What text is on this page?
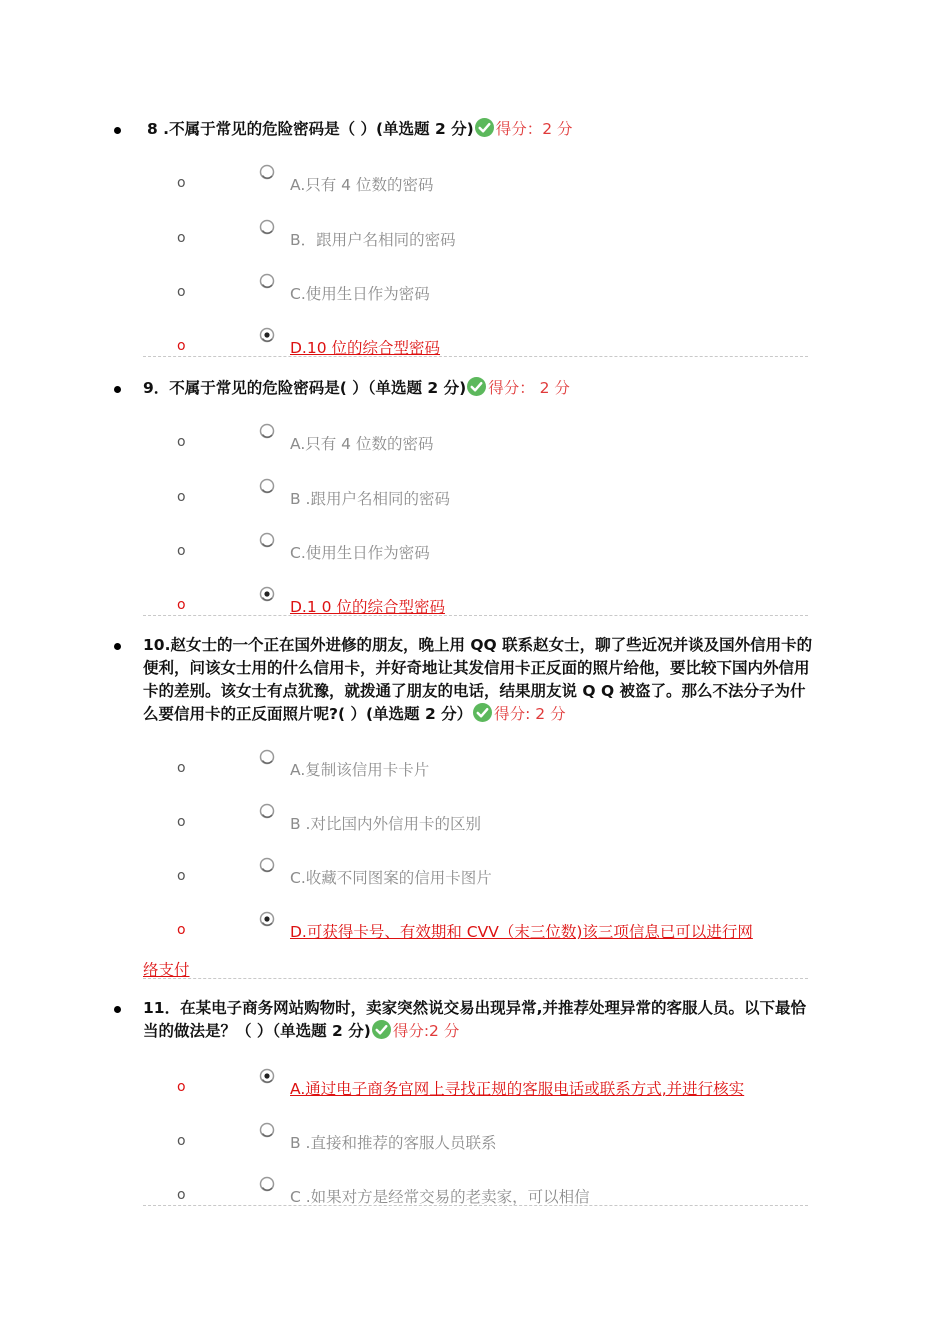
8 .不属于常见的危险密码是（ ）(单选题 2 分) 得分：2 分

o	A.只有 4 位数的密码
o	B．跟用户名相同的密码
o	C.使用生日作为密码
o	D.10 位的综合型密码

9．不属于常见的危险密码是( ）（单选题 2 分) 得分： 2 分

o	A.只有 4 位数的密码
o	B .跟用户名相同的密码
o	C.使用生日作为密码
o	D.1 0 位的综合型密码

10.赵女士的一个正在国外进修的朋友，晚上用 QQ 联系赵女士，聊了些近况并谈及国外信用卡的便利，问该女士用的什么信用卡，并好奇地让其发信用卡正反面的照片给他，要比较下国内外信用卡的差别。该女士有点犹豫，就拨通了朋友的电话，结果朋友说 Q Q 被盗了。那么不法分子为什么要信用卡的正反面照片呢?( ）(单选题 2 分） 得分: 2 分

o	A.复制该信用卡卡片
o	B .对比国内外信用卡的区别
o	C.收藏不同图案的信用卡图片
o	D.可获得卡号、有效期和 CVV（末三位数)该三项信息已可以进行网
络支付

11．在某电子商务网站购物时，卖家突然说交易出现异常,并推荐处理异常的客服人员。以下最恰当的做法是？（ ）（单选题 2 分) 得分:2 分

o	A.通过电子商务官网上寻找正规的客服电话或联系方式,并进行核实
o	B .直接和推荐的客服人员联系
o	C .如果对方是经常交易的老卖家，可以相信
